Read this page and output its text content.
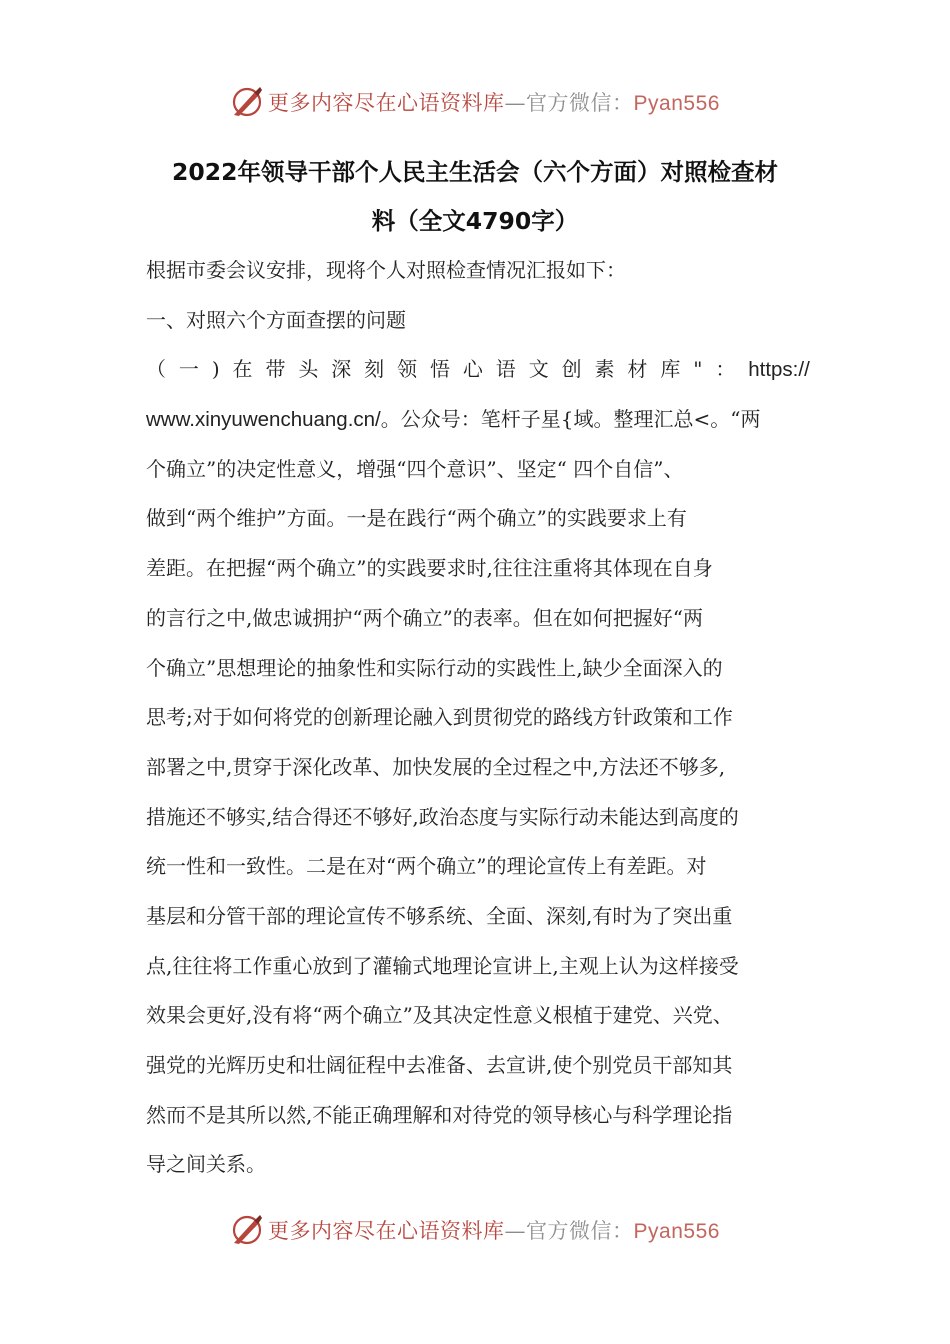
更多内容尽在心语资料库—官方微信：Pyan556
2022年领导干部个人民主生活会（六个方面）对照检查材
料（全文4790字）
根据市委会议安排，现将个人对照检查情况汇报如下：
一、对照六个方面查摆的问题
（ 一 ) 在 带 头 深 刻 领 悟 心 语 文 创 素 材 库 " ： https://
www.xinyuwenchuang.cn/。公众号：笔杆子星{域。整理汇总<。“两
个确立”的决定性意义，增强“四个意识”、坚定“ 四个自信”、
做到“两个维护”方面。一是在践行“两个确立”的实践要求上有
差距。在把握“两个确立”的实践要求时,往往注重将其体现在自身
的言行之中,做忠诚拥护“两个确立”的表率。但在如何把握好“两
个确立”思想理论的抽象性和实际行动的实践性上,缺少全面深入的
思考;对于如何将党的创新理论融入到贯彻党的路线方针政策和工作
部署之中,贯穿于深化改革、加快发展的全过程之中,方法还不够多,
措施还不够实,结合得还不够好,政治态度与实际行动未能达到高度的
统一性和一致性。二是在对“两个确立”的理论宣传上有差距。对
基层和分管干部的理论宣传不够系统、全面、深刻,有时为了突出重
点,往往将工作重心放到了灌输式地理论宣讲上,主观上认为这样接受
效果会更好,没有将“两个确立”及其决定性意义根植于建党、兴党、
强党的光辉历史和壮阔征程中去准备、去宣讲,使个别党员干部知其
然而不是其所以然,不能正确理解和对待党的领导核心与科学理论指
导之间关系。
更多内容尽在心语资料库—官方微信：Pyan556
